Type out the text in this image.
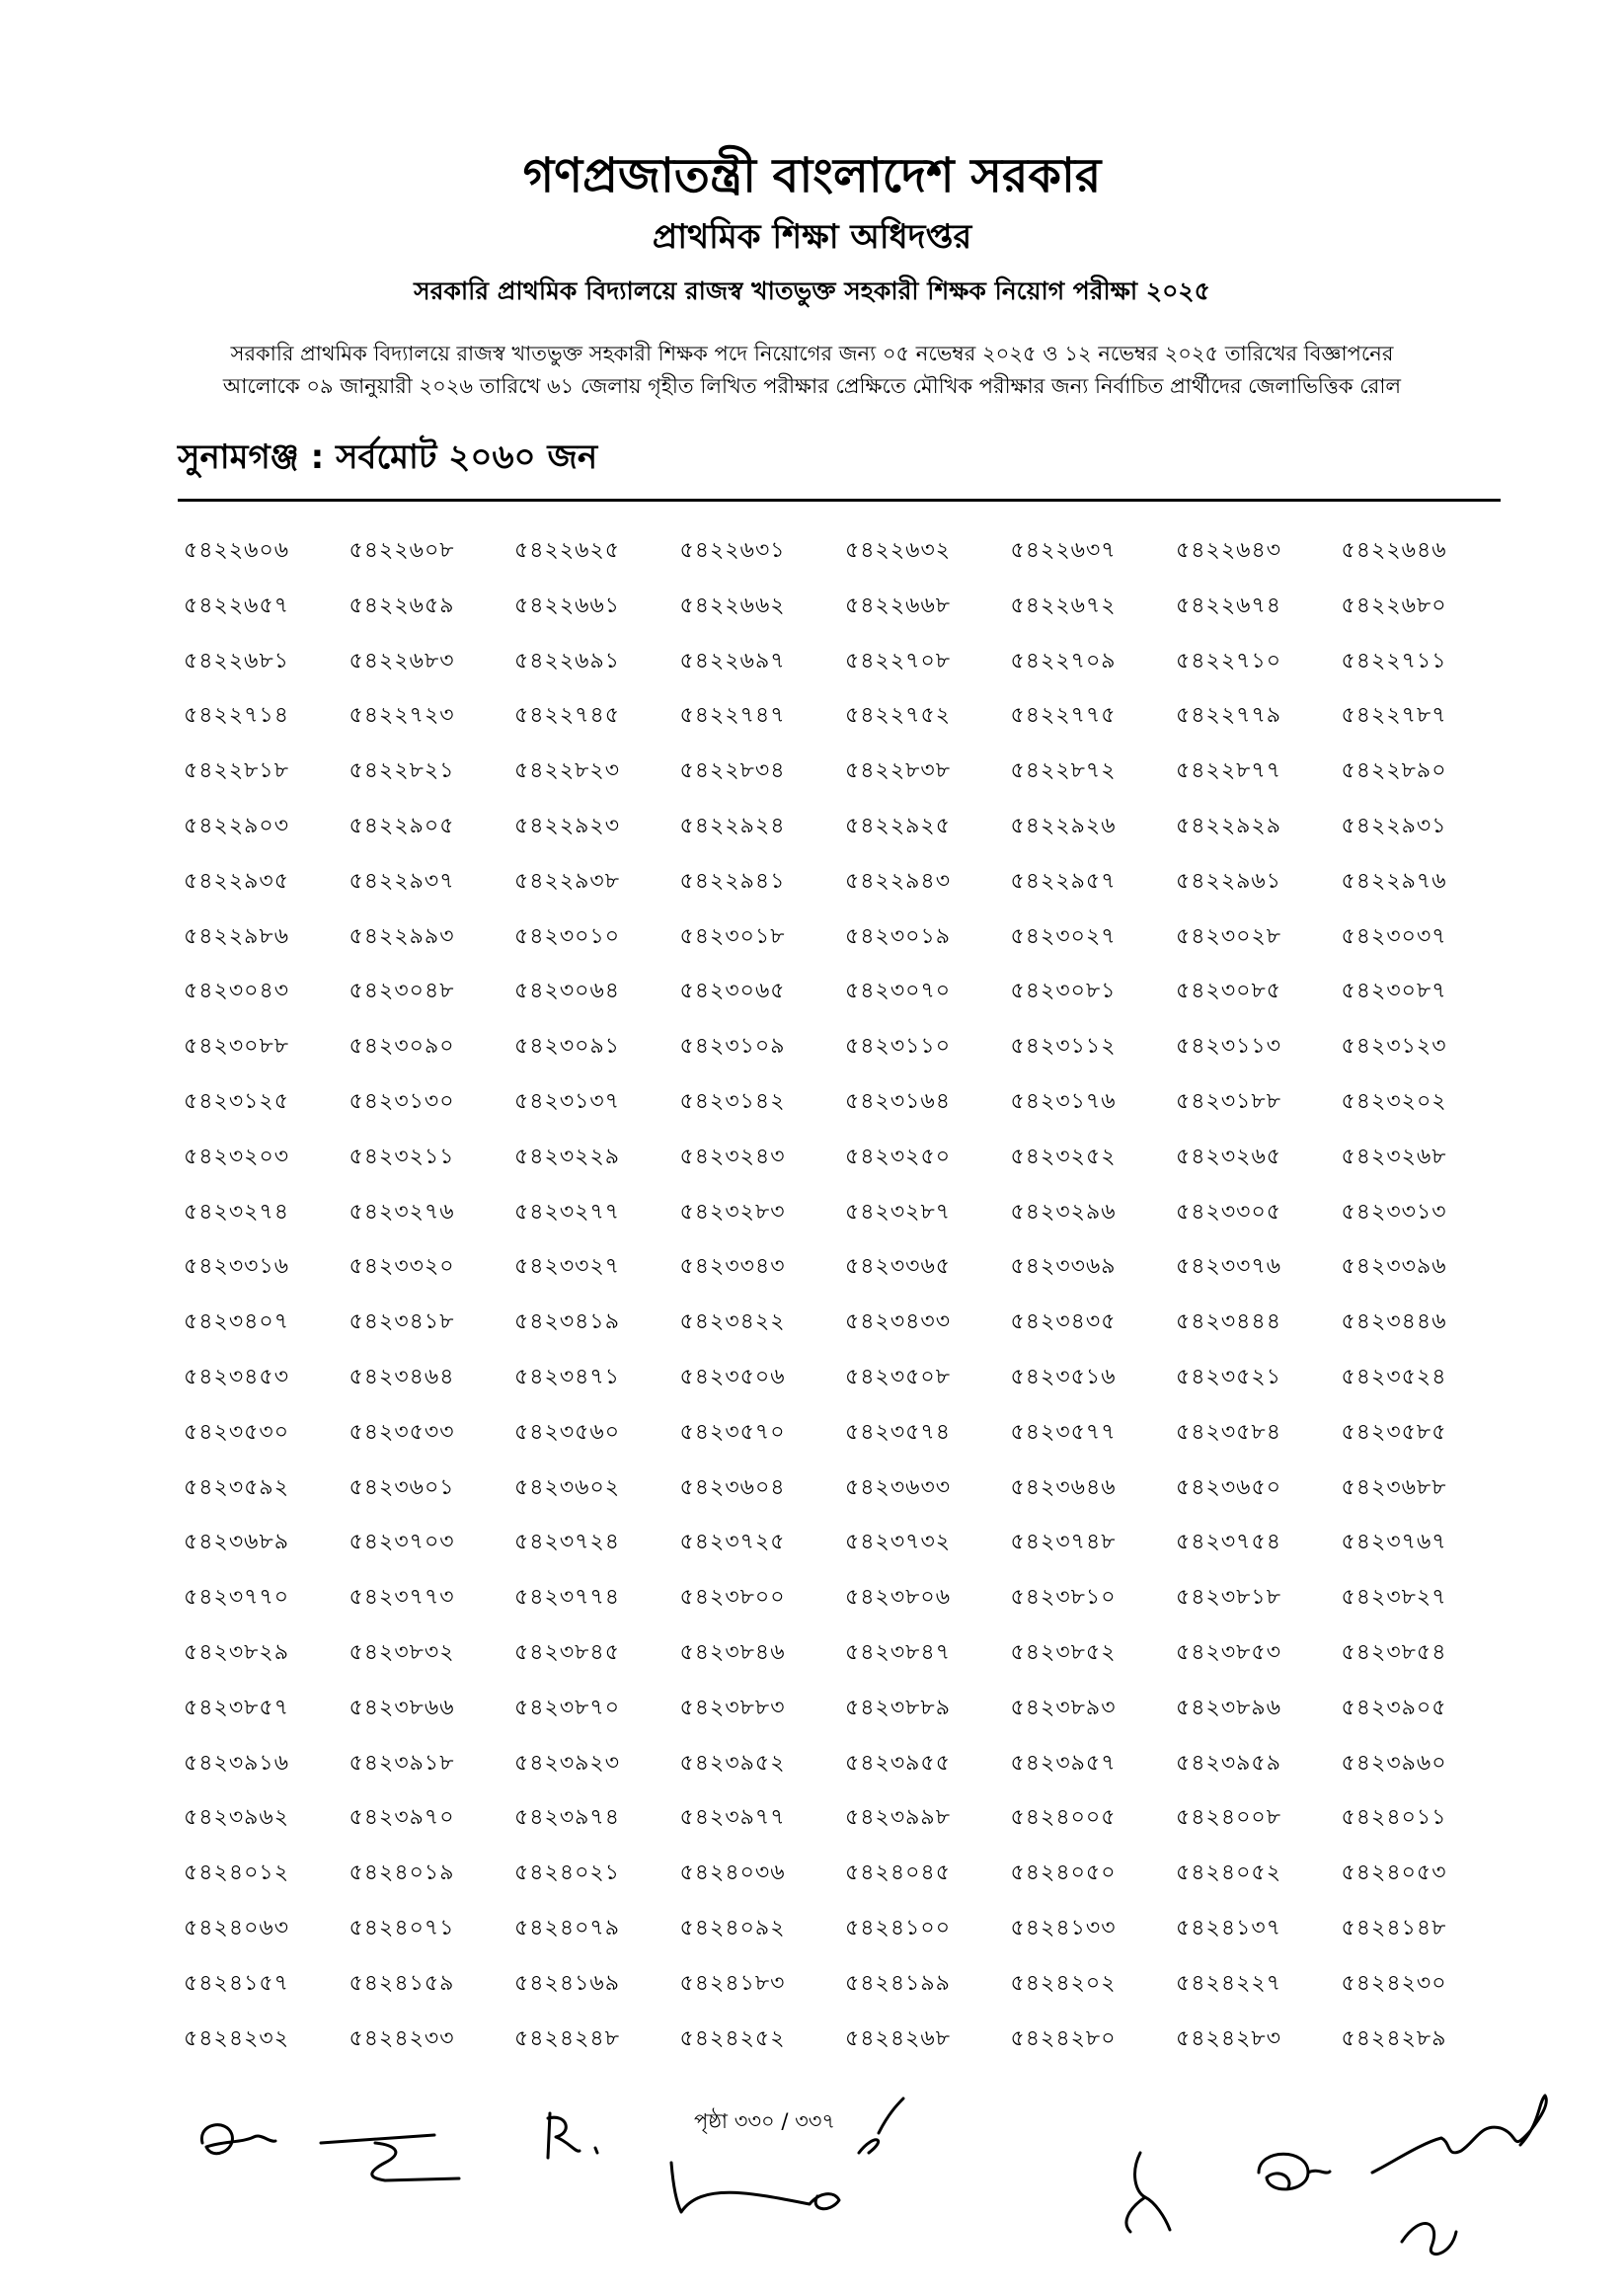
গণপ্রজাতন্ত্রী বাংলাদেশ সরকার
প্রাথমিক শিক্ষা অধিদপ্তর
সরকারি প্রাথমিক বিদ্যালয়ে রাজস্ব খাতভুক্ত সহকারী শিক্ষক নিয়োগ পরীক্ষা ২০২৫
সরকারি প্রাথমিক বিদ্যালয়ে রাজস্ব খাতভুক্ত সহকারী শিক্ষক পদে নিয়োগের জন্য ০৫ নভেম্বর ২০২৫ ও ১২ নভেম্বর ২০২৫ তারিখের বিজ্ঞাপনের
আলোকে ০৯ জানুয়ারী ২০২৬ তারিখে ৬১ জেলায় গৃহীত লিখিত পরীক্ষার প্রেক্ষিতে মৌখিক পরীক্ষার জন্য নির্বাচিত প্রার্থীদের জেলাভিত্তিক রোল
সুনামগঞ্জ : সর্বমোট ২০৬০ জন
৫৪২২৬০৬	৫৪২২৬০৮	৫৪২২৬২৫	৫৪২২৬৩১	৫৪২২৬৩২	৫৪২২৬৩৭	৫৪২২৬৪৩	৫৪২২৬৪৬
৫৪২২৬৫৭	৫৪২২৬৫৯	৫৪২২৬৬১	৫৪২২৬৬২	৫৪২২৬৬৮	৫৪২২৬৭২	৫৪২২৬৭৪	৫৪২২৬৮০
৫৪২২৬৮১	৫৪২২৬৮৩	৫৪২২৬৯১	৫৪২২৬৯৭	৫৪২২৭০৮	৫৪২২৭০৯	৫৪২২৭১০	৫৪২২৭১১
৫৪২২৭১৪	৫৪২২৭২৩	৫৪২২৭৪৫	৫৪২২৭৪৭	৫৪২২৭৫২	৫৪২২৭৭৫	৫৪২২৭৭৯	৫৪২২৭৮৭
৫৪২২৮১৮	৫৪২২৮২১	৫৪২২৮২৩	৫৪২২৮৩৪	৫৪২২৮৩৮	৫৪২২৮৭২	৫৪২২৮৭৭	৫৪২২৮৯০
৫৪২২৯০৩	৫৪২২৯০৫	৫৪২২৯২৩	৫৪২২৯২৪	৫৪২২৯২৫	৫৪২২৯২৬	৫৪২২৯২৯	৫৪২২৯৩১
৫৪২২৯৩৫	৫৪২২৯৩৭	৫৪২২৯৩৮	৫৪২২৯৪১	৫৪২২৯৪৩	৫৪২২৯৫৭	৫৪২২৯৬১	৫৪২২৯৭৬
৫৪২২৯৮৬	৫৪২২৯৯৩	৫৪২৩০১০	৫৪২৩০১৮	৫৪২৩০১৯	৫৪২৩০২৭	৫৪২৩০২৮	৫৪২৩০৩৭
৫৪২৩০৪৩	৫৪২৩০৪৮	৫৪২৩০৬৪	৫৪২৩০৬৫	৫৪২৩০৭০	৫৪২৩০৮১	৫৪২৩০৮৫	৫৪২৩০৮৭
৫৪২৩০৮৮	৫৪২৩০৯০	৫৪২৩০৯১	৫৪২৩১০৯	৫৪২৩১১০	৫৪২৩১১২	৫৪২৩১১৩	৫৪২৩১২৩
৫৪২৩১২৫	৫৪২৩১৩০	৫৪২৩১৩৭	৫৪২৩১৪২	৫৪২৩১৬৪	৫৪২৩১৭৬	৫৪২৩১৮৮	৫৪২৩২০২
৫৪২৩২০৩	৫৪২৩২১১	৫৪২৩২২৯	৫৪২৩২৪৩	৫৪২৩২৫০	৫৪২৩২৫২	৫৪২৩২৬৫	৫৪২৩২৬৮
৫৪২৩২৭৪	৫৪২৩২৭৬	৫৪২৩২৭৭	৫৪২৩২৮৩	৫৪২৩২৮৭	৫৪২৩২৯৬	৫৪২৩৩০৫	৫৪২৩৩১৩
৫৪২৩৩১৬	৫৪২৩৩২০	৫৪২৩৩২৭	৫৪২৩৩৪৩	৫৪২৩৩৬৫	৫৪২৩৩৬৯	৫৪২৩৩৭৬	৫৪২৩৩৯৬
৫৪২৩৪০৭	৫৪২৩৪১৮	৫৪২৩৪১৯	৫৪২৩৪২২	৫৪২৩৪৩৩	৫৪২৩৪৩৫	৫৪২৩৪৪৪	৫৪২৩৪৪৬
৫৪২৩৪৫৩	৫৪২৩৪৬৪	৫৪২৩৪৭১	৫৪২৩৫০৬	৫৪২৩৫০৮	৫৪২৩৫১৬	৫৪২৩৫২১	৫৪২৩৫২৪
৫৪২৩৫৩০	৫৪২৩৫৩৩	৫৪২৩৫৬০	৫৪২৩৫৭০	৫৪২৩৫৭৪	৫৪২৩৫৭৭	৫৪২৩৫৮৪	৫৪২৩৫৮৫
৫৪২৩৫৯২	৫৪২৩৬০১	৫৪২৩৬০২	৫৪২৩৬০৪	৫৪২৩৬৩৩	৫৪২৩৬৪৬	৫৪২৩৬৫০	৫৪২৩৬৮৮
৫৪২৩৬৮৯	৫৪২৩৭০৩	৫৪২৩৭২৪	৫৪২৩৭২৫	৫৪২৩৭৩২	৫৪২৩৭৪৮	৫৪২৩৭৫৪	৫৪২৩৭৬৭
৫৪২৩৭৭০	৫৪২৩৭৭৩	৫৪২৩৭৭৪	৫৪২৩৮০০	৫৪২৩৮০৬	৫৪২৩৮১০	৫৪২৩৮১৮	৫৪২৩৮২৭
৫৪২৩৮২৯	৫৪২৩৮৩২	৫৪২৩৮৪৫	৫৪২৩৮৪৬	৫৪২৩৮৪৭	৫৪২৩৮৫২	৫৪২৩৮৫৩	৫৪২৩৮৫৪
৫৪২৩৮৫৭	৫৪২৩৮৬৬	৫৪২৩৮৭০	৫৪২৩৮৮৩	৫৪২৩৮৮৯	৫৪২৩৮৯৩	৫৪২৩৮৯৬	৫৪২৩৯০৫
৫৪২৩৯১৬	৫৪২৩৯১৮	৫৪২৩৯২৩	৫৪২৩৯৫২	৫৪২৩৯৫৫	৫৪২৩৯৫৭	৫৪২৩৯৫৯	৫৪২৩৯৬০
৫৪২৩৯৬২	৫৪২৩৯৭০	৫৪২৩৯৭৪	৫৪২৩৯৭৭	৫৪২৩৯৯৮	৫৪২৪০০৫	৫৪২৪০০৮	৫৪২৪০১১
৫৪২৪০১২	৫৪২৪০১৯	৫৪২৪০২১	৫৪২৪০৩৬	৫৪২৪০৪৫	৫৪২৪০৫০	৫৪২৪০৫২	৫৪২৪০৫৩
৫৪২৪০৬৩	৫৪২৪০৭১	৫৪২৪০৭৯	৫৪২৪০৯২	৫৪২৪১০০	৫৪২৪১৩৩	৫৪২৪১৩৭	৫৪২৪১৪৮
৫৪২৪১৫৭	৫৪২৪১৫৯	৫৪২৪১৬৯	৫৪২৪১৮৩	৫৪২৪১৯৯	৫৪২৪২০২	৫৪২৪২২৭	৫৪২৪২৩০
৫৪২৪২৩২	৫৪২৪২৩৩	৫৪২৪২৪৮	৫৪২৪২৫২	৫৪২৪২৬৮	৫৪২৪২৮০	৫৪২৪২৮৩	৫৪২৪২৮৯
পৃষ্ঠা ৩৩০ / ৩৩৭
